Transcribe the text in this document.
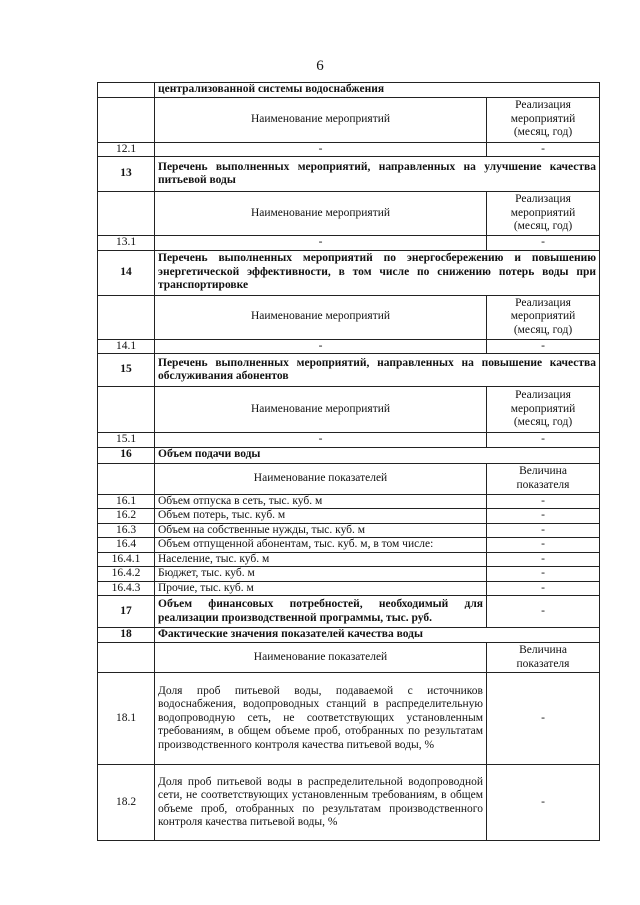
6
	централизованной системы водоснабжения	
	Наименование мероприятий	Реализация
мероприятий
(месяц, год)
12.1	-	-
13	Перечень выполненных мероприятий, направленных на улучшение качества питьевой воды	
	Наименование мероприятий	Реализация
мероприятий
(месяц, год)
13.1	-	-
14	Перечень выполненных мероприятий по энергосбережению и повышению энергетической эффективности, в том числе по снижению потерь воды при транспортировке	
	Наименование мероприятий	Реализация
мероприятий
(месяц, год)
14.1	-	-
15	Перечень выполненных мероприятий, направленных на повышение качества обслуживания абонентов	
	Наименование мероприятий	Реализация
мероприятий
(месяц, год)
15.1	-	-
16	Объем подачи воды	
	Наименование показателей	Величина
показателя
16.1	Объем отпуска в сеть, тыс. куб. м	-
16.2	Объем потерь, тыс. куб. м	-
16.3	Объем на собственные нужды, тыс. куб. м	-
16.4	Объем отпущенной абонентам, тыс. куб. м, в том числе:	-
16.4.1	Население, тыс. куб. м	-
16.4.2	Бюджет, тыс. куб. м	-
16.4.3	Прочие, тыс. куб. м	-
17	Объем финансовых потребностей, необходимый для реализации производственной программы, тыс. руб.	-
18	Фактические значения показателей качества воды	
	Наименование показателей	Величина
показателя
18.1	Доля проб питьевой воды, подаваемой с источников водоснабжения, водопроводных станций в распределительную водопроводную сеть, не соответствующих установленным требованиям, в общем объеме проб, отобранных по результатам производственного контроля качества питьевой воды, %	-
18.2	Доля проб питьевой воды в распределительной водопроводной сети, не соответствующих установленным требованиям, в общем объеме проб, отобранных по результатам производственного контроля качества питьевой воды, %	-
